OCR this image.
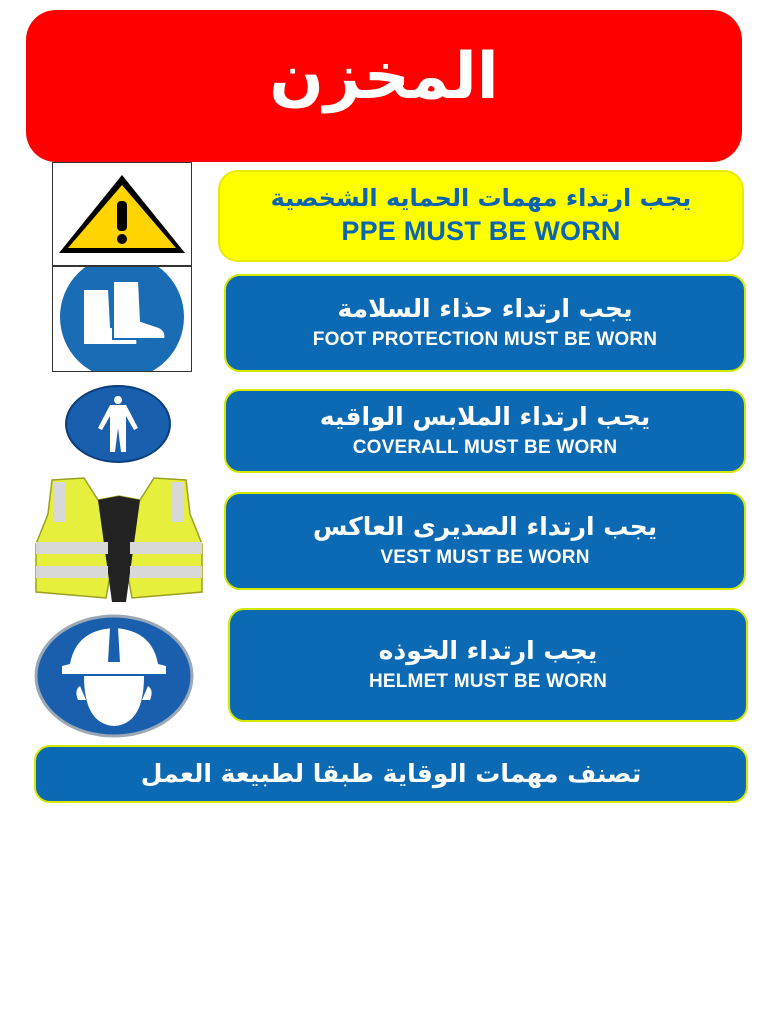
المخزن
يجب ارتداء مهمات الحمايه الشخصية
PPE MUST BE WORN
يجب ارتداء حذاء السلامة
FOOT PROTECTION MUST BE WORN
يجب ارتداء الملابس الواقيه
COVERALL MUST BE WORN
يجب ارتداء الصديرى العاكس
VEST MUST BE WORN
يجب ارتداء الخوذه
HELMET MUST BE WORN
تصنف مهمات الوقاية طبقا لطبيعة العمل
